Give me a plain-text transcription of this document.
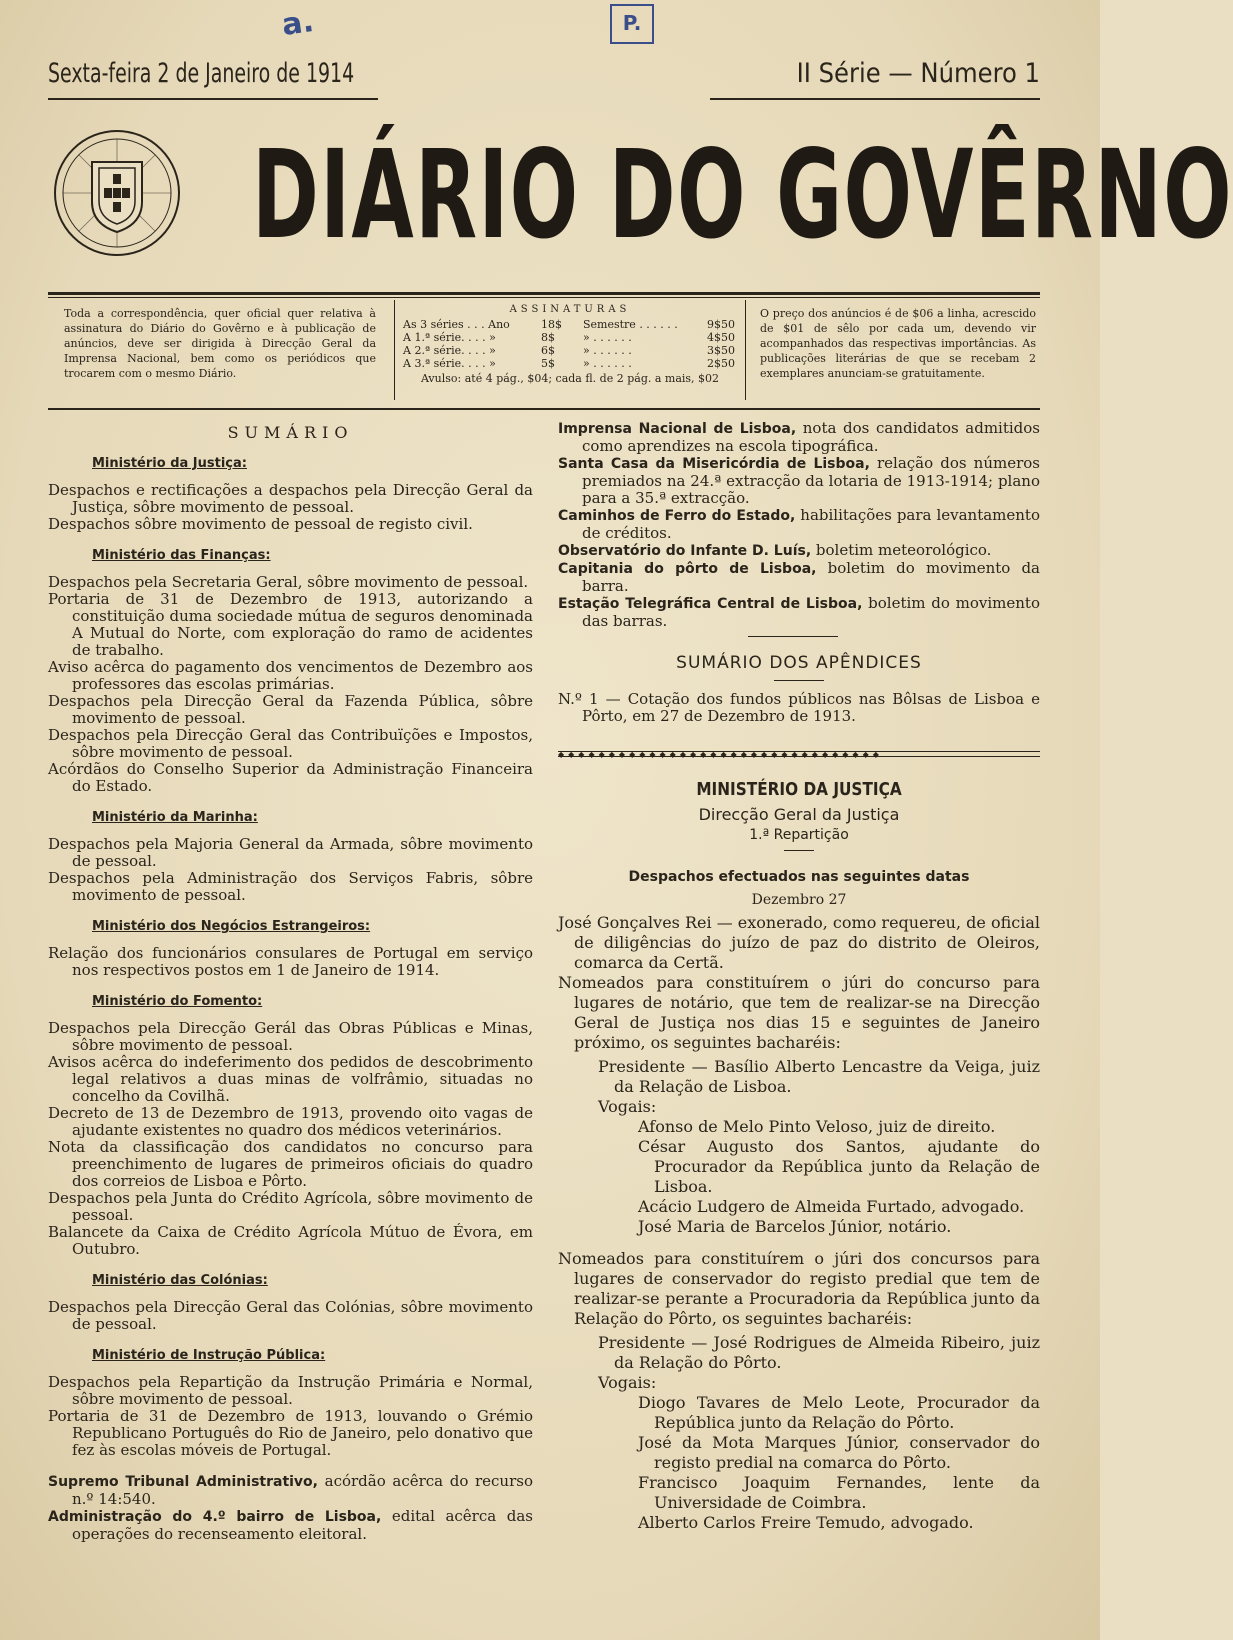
a.	P.
Sexta-feira 2 de Janeiro de 1914	II Série — Número 1
DIÁRIO DO GOVÊRNO
Toda a correspondência, quer oficial quer relativa à assinatura do Diário do Govêrno e à publicação de anúncios, deve ser dirigida à Direcção Geral da Imprensa Nacional, bem como os periódicos que trocarem com o mesmo Diário.
ASSINATURAS
As 3 séries . . . Ano	18$ Semestre . . . . . .	9$50
A 1.ª série. . . . »	8$	» . . . . . .	4$50
A 2.ª série. . . . »	6$	» . . . . . .	3$50
A 3.ª série. . . . »	5$	» . . . . . .	2$50
Avulso: até 4 pág., $04; cada fl. de 2 pág. a mais, $02
O preço dos anúncios é de $06 a linha, acrescido de $01 de sêlo por cada um, devendo vir acompanhados das respectivas importâncias. As publicações literárias de que se recebam 2 exemplares anunciam-se gratuitamente.
SUMÁRIO
Ministério da Justiça:

Despachos e rectificações a despachos pela Direcção Geral da Justiça, sôbre movimento de pessoal.

Despachos sôbre movimento de pessoal de registo civil.

Ministério das Finanças:

Despachos pela Secretaria Geral, sôbre movimento de pessoal.

Portaria de 31 de Dezembro de 1913, autorizando a constituição duma sociedade mútua de seguros denominada A Mutual do Norte, com exploração do ramo de acidentes de trabalho.

Aviso acêrca do pagamento dos vencimentos de Dezembro aos professores das escolas primárias.

Despachos pela Direcção Geral da Fazenda Pública, sôbre movimento de pessoal.

Despachos pela Direcção Geral das Contribuïções e Impostos, sôbre movimento de pessoal.

Acórdãos do Conselho Superior da Administração Financeira do Estado.

Ministério da Marinha:

Despachos pela Majoria General da Armada, sôbre movimento de pessoal.

Despachos pela Administração dos Serviços Fabris, sôbre movimento de pessoal.

Ministério dos Negócios Estrangeiros:

Relação dos funcionários consulares de Portugal em serviço nos respectivos postos em 1 de Janeiro de 1914.

Ministério do Fomento:

Despachos pela Direcção Gerál das Obras Públicas e Minas, sôbre movimento de pessoal.

Avisos acêrca do indeferimento dos pedidos de descobrimento legal relativos a duas minas de volfrâmio, situadas no concelho da Covilhã.

Decreto de 13 de Dezembro de 1913, provendo oito vagas de ajudante existentes no quadro dos médicos veterinários.

Nota da classificação dos candidatos no concurso para preenchimento de lugares de primeiros oficiais do quadro dos correios de Lisboa e Pôrto.

Despachos pela Junta do Crédito Agrícola, sôbre movimento de pessoal.

Balancete da Caixa de Crédito Agrícola Mútuo de Évora, em Outubro.

Ministério das Colónias:

Despachos pela Direcção Geral das Colónias, sôbre movimento de pessoal.

Ministério de Instrução Pública:

Despachos pela Repartição da Instrução Primária e Normal, sôbre movimento de pessoal.

Portaria de 31 de Dezembro de 1913, louvando o Grémio Republicano Português do Rio de Janeiro, pelo donativo que fez às escolas móveis de Portugal.

Supremo Tribunal Administrativo, acórdão acêrca do recurso n.º 14:540.

Administração do 4.º bairro de Lisboa, edital acêrca das operações do recenseamento eleitoral.

Imprensa Nacional de Lisboa, nota dos candidatos admitidos como aprendizes na escola tipográfica.

Santa Casa da Misericórdia de Lisboa, relação dos números premiados na 24.ª extracção da lotaria de 1913-1914; plano para a 35.ª extracção.

Caminhos de Ferro do Estado, habilitações para levantamento de créditos.

Observatório do Infante D. Luís, boletim meteorológico.

Capitania do pôrto de Lisboa, boletim do movimento da barra.

Estação Telegráfica Central de Lisboa, boletim do movimento das barras.

SUMÁRIO DOS APÊNDICES

N.º 1 — Cotação dos fundos públicos nas Bôlsas de Lisboa e Pôrto, em 27 de Dezembro de 1913.

◆◆◆◆◆◆◆◆◆◆◆◆◆◆◆◆◆◆◆◆◆◆◆◆◆◆◆◆◆◆◆◆
MINISTÉRIO DA JUSTIÇA
Direcção Geral da Justiça
1.ª Repartição
Despachos efectuados nas seguintes datas
Dezembro 27

José Gonçalves Rei — exonerado, como requereu, de oficial de diligências do juízo de paz do distrito de Oleiros, comarca da Certã.

Nomeados para constituírem o júri do concurso para lugares de notário, que tem de realizar-se na Direcção Geral de Justiça nos dias 15 e seguintes de Janeiro próximo, os seguintes bacharéis:

Presidente — Basílio Alberto Lencastre da Veiga, juiz da Relação de Lisboa.

Vogais:

Afonso de Melo Pinto Veloso, juiz de direito.

César Augusto dos Santos, ajudante do Procurador da República junto da Relação de Lisboa.

Acácio Ludgero de Almeida Furtado, advogado.

José Maria de Barcelos Júnior, notário.

Nomeados para constituírem o júri dos concursos para lugares de conservador do registo predial que tem de realizar-se perante a Procuradoria da República junto da Relação do Pôrto, os seguintes bacharéis:

Presidente — José Rodrigues de Almeida Ribeiro, juiz da Relação do Pôrto.

Vogais:

Diogo Tavares de Melo Leote, Procurador da República junto da Relação do Pôrto.

José da Mota Marques Júnior, conservador do registo predial na comarca do Pôrto.

Francisco Joaquim Fernandes, lente da Universidade de Coimbra.

Alberto Carlos Freire Temudo, advogado.
